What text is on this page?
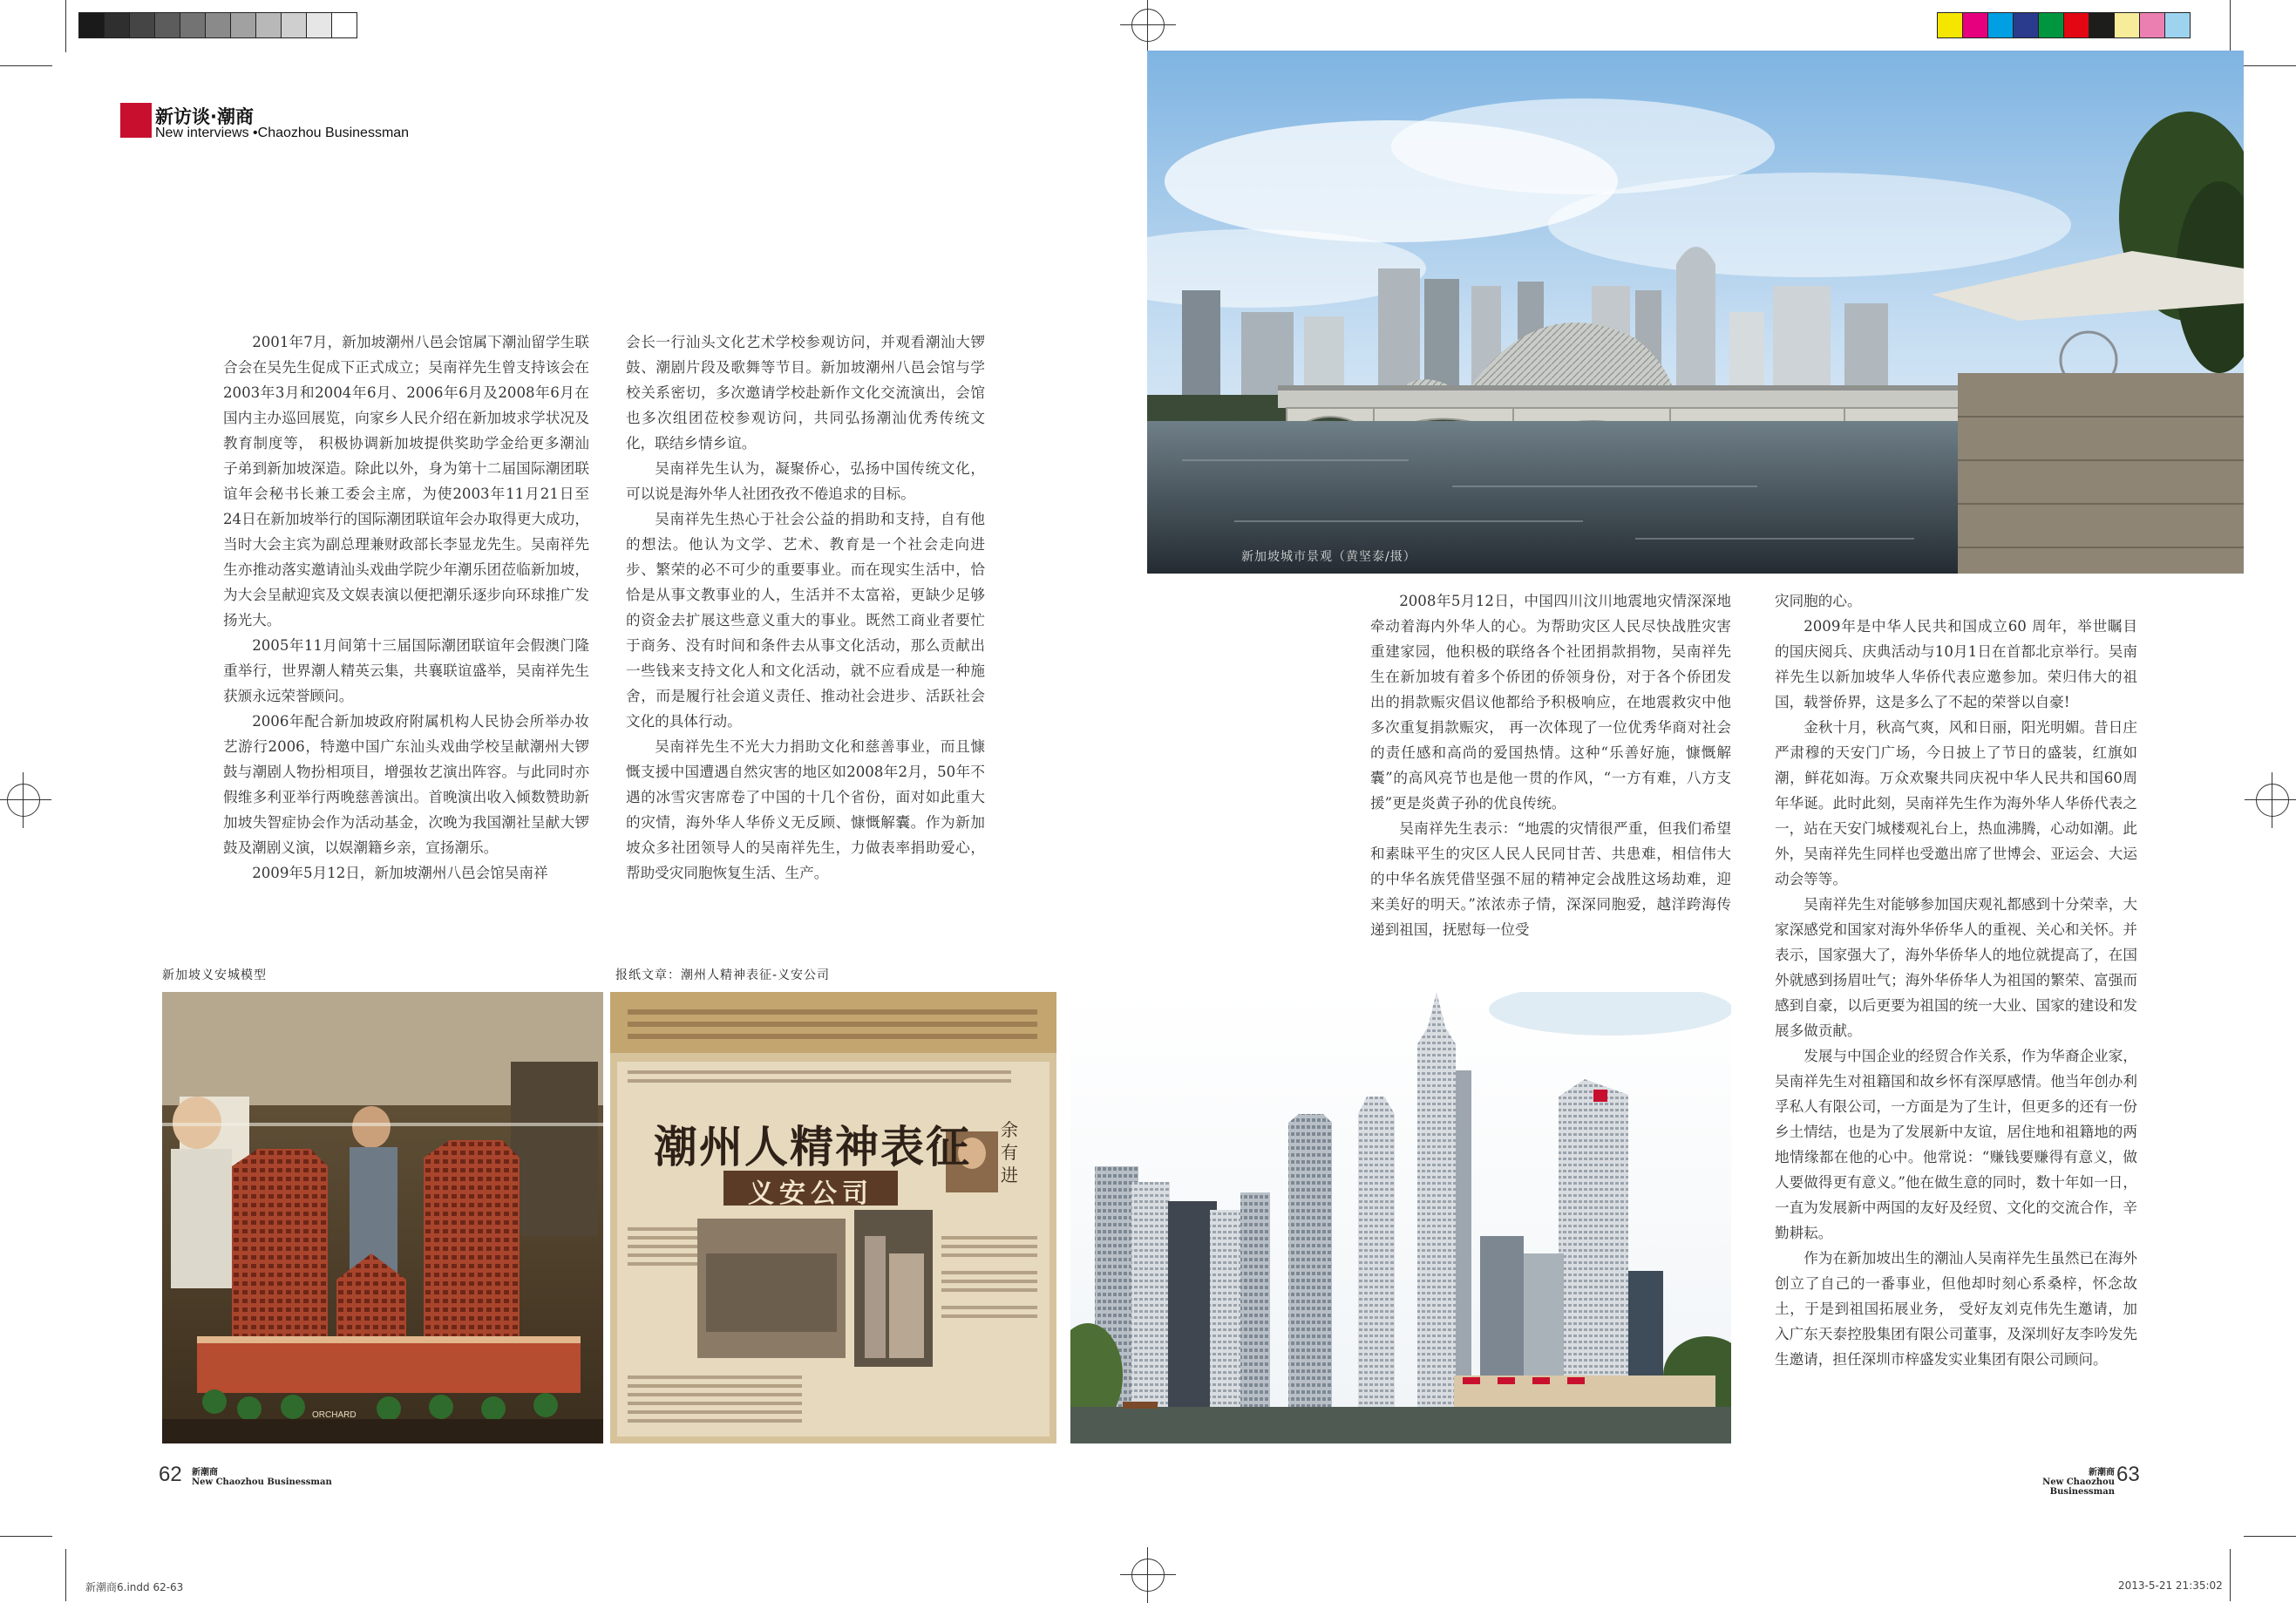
新访谈·潮商
New interviews •Chaozhou Businessman

2001年7月，新加坡潮州八邑会馆属下潮汕留学生联合会在吴先生促成下正式成立；吴南祥先生曾支持该会在2003年3月和2004年6月、2006年6月及2008年6月在国内主办巡回展览，向家乡人民介绍在新加坡求学状况及教育制度等， 积极协调新加坡提供奖助学金给更多潮汕子弟到新加坡深造。除此以外，身为第十二届国际潮团联谊年会秘书长兼工委会主席，为使2003年11月21日至24日在新加坡举行的国际潮团联谊年会办取得更大成功，当时大会主宾为副总理兼财政部长李显龙先生。吴南祥先生亦推动落实邀请汕头戏曲学院少年潮乐团莅临新加坡，为大会呈献迎宾及文娱表演以便把潮乐逐步向环球推广发扬光大。

2005年11月间第十三届国际潮团联谊年会假澳门隆重举行，世界潮人精英云集，共襄联谊盛举，吴南祥先生获颁永远荣誉顾问。

2006年配合新加坡政府附属机构人民协会所举办妆艺游行2006，特邀中国广东汕头戏曲学校呈献潮州大锣鼓与潮剧人物扮相项目，增强妆艺演出阵容。与此同时亦假维多利亚举行两晚慈善演出。首晚演出收入倾数赞助新加坡失智症协会作为活动基金，次晚为我国潮社呈献大锣鼓及潮剧义演，以娱潮籍乡亲，宣扬潮乐。

2009年5月12日，新加坡潮州八邑会馆吴南祥

会长一行汕头文化艺术学校参观访问，并观看潮汕大锣鼓、潮剧片段及歌舞等节目。新加坡潮州八邑会馆与学校关系密切，多次邀请学校赴新作文化交流演出，会馆也多次组团莅校参观访问，共同弘扬潮汕优秀传统文化，联结乡情乡谊。

吴南祥先生认为，凝聚侨心，弘扬中国传统文化，可以说是海外华人社团孜孜不倦追求的目标。

吴南祥先生热心于社会公益的捐助和支持，自有他的想法。他认为文学、艺术、教育是一个社会走向进步、繁荣的必不可少的重要事业。而在现实生活中，恰恰是从事文教事业的人，生活并不太富裕，更缺少足够的资金去扩展这些意义重大的事业。既然工商业者要忙于商务、没有时间和条件去从事文化活动，那么贡献出一些钱来支持文化人和文化活动，就不应看成是一种施舍，而是履行社会道义责任、推动社会进步、活跃社会文化的具体行动。

吴南祥先生不光大力捐助文化和慈善事业，而且慷慨支援中国遭遇自然灾害的地区如2008年2月，50年不遇的冰雪灾害席卷了中国的十几个省份，面对如此重大的灾情，海外华人华侨义无反顾、慷慨解囊。作为新加坡众多社团领导人的吴南祥先生，力做表率捐助爱心，帮助受灾同胞恢复生活、生产。

2008年5月12日，中国四川汶川地震地灾情深深地牵动着海内外华人的心。为帮助灾区人民尽快战胜灾害重建家园，他积极的联络各个社团捐款捐物，吴南祥先生在新加坡有着多个侨团的侨领身份，对于各个侨团发出的捐款赈灾倡议他都给予积极响应，在地震救灾中他多次重复捐款赈灾， 再一次体现了一位优秀华商对社会的责任感和高尚的爱国热情。这种“乐善好施，慷慨解囊”的高风亮节也是他一贯的作风，“一方有难，八方支援”更是炎黄子孙的优良传统。

吴南祥先生表示：“地震的灾情很严重，但我们希望和素昧平生的灾区人民人民同甘苦、共患难，相信伟大的中华名族凭借坚强不屈的精神定会战胜这场劫难，迎来美好的明天。”浓浓赤子情，深深同胞爱，越洋跨海传递到祖国，抚慰每一位受

灾同胞的心。

2009年是中华人民共和国成立60 周年，举世瞩目的国庆阅兵、庆典活动与10月1日在首都北京举行。吴南祥先生以新加坡华人华侨代表应邀参加。荣归伟大的祖国，载誉侨界，这是多么了不起的荣誉以自豪!

金秋十月，秋高气爽，风和日丽，阳光明媚。昔日庄严肃穆的天安门广场，今日披上了节日的盛装，红旗如潮，鲜花如海。万众欢聚共同庆祝中华人民共和国60周年华诞。此时此刻，吴南祥先生作为海外华人华侨代表之一，站在天安门城楼观礼台上，热血沸腾，心动如潮。此外，吴南祥先生同样也受邀出席了世博会、亚运会、大运动会等等。

吴南祥先生对能够参加国庆观礼都感到十分荣幸，大家深感党和国家对海外华侨华人的重视、关心和关怀。并表示，国家强大了，海外华侨华人的地位就提高了，在国外就感到扬眉吐气；海外华侨华人为祖国的繁荣、富强而感到自豪，以后更要为祖国的统一大业、国家的建设和发展多做贡献。

发展与中国企业的经贸合作关系，作为华裔企业家，吴南祥先生对祖籍国和故乡怀有深厚感情。他当年创办利孚私人有限公司，一方面是为了生计，但更多的还有一份乡土情结，也是为了发展新中友谊，居住地和祖籍地的两地情缘都在他的心中。他常说：“赚钱要赚得有意义，做人要做得更有意义。”他在做生意的同时，数十年如一日，一直为发展新中两国的友好及经贸、文化的交流合作，辛勤耕耘。

作为在新加坡出生的潮汕人吴南祥先生虽然已在海外创立了自己的一番事业，但他却时刻心系桑梓，怀念故土，于是到祖国拓展业务， 受好友刘克伟先生邀请，加入广东天泰控股集团有限公司董事，及深圳好友李吟发先生邀请，担任深圳市梓盛发实业集团有限公司顾问。

新加坡城市景观（黄坚泰/摄）
新加坡义安城模型
ORCHARD
报纸文章：潮州人精神表征-义安公司
潮州人精神表征
义安公司
余有进
62 新潮商
New Chaozhou Businessman	63
新潮商
New Chaozhou Businessman
新潮商6.indd 62-63	2013-5-21 21:35:02
